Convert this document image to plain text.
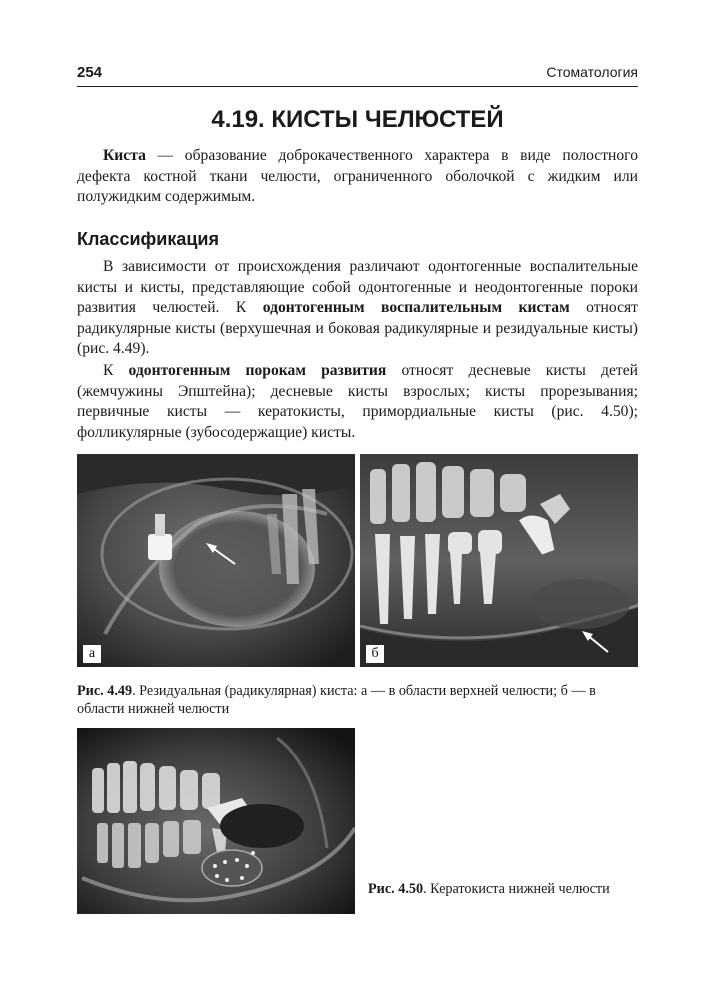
254	Стоматология
4.19. КИСТЫ ЧЕЛЮСТЕЙ

Киста — образование доброкачественного характера в виде полостного дефекта костной ткани челюсти, ограниченного оболочкой с жидким или полужидким содержимым.

Классификация

В зависимости от происхождения различают одонтогенные воспалительные кисты и кисты, представляющие собой одонтогенные и неодонтогенные пороки развития челюстей. К одонтогенным воспалительным кистам относят радикулярные кисты (верхушечная и боковая радикулярные и резидуальные кисты) (рис. 4.49).

К одонтогенным порокам развития относят десневые кисты детей (жемчужины Эпштейна); десневые кисты взрослых; кисты прорезывания; первичные кисты — кератокисты, примордиальные кисты (рис. 4.50); фолликулярные (зубосодержащие) кисты.

а	б

Рис. 4.49. Резидуальная (радикулярная) киста: а — в области верхней челюсти; б — в области нижней челюсти

Рис. 4.50. Кератокиста нижней челюсти
